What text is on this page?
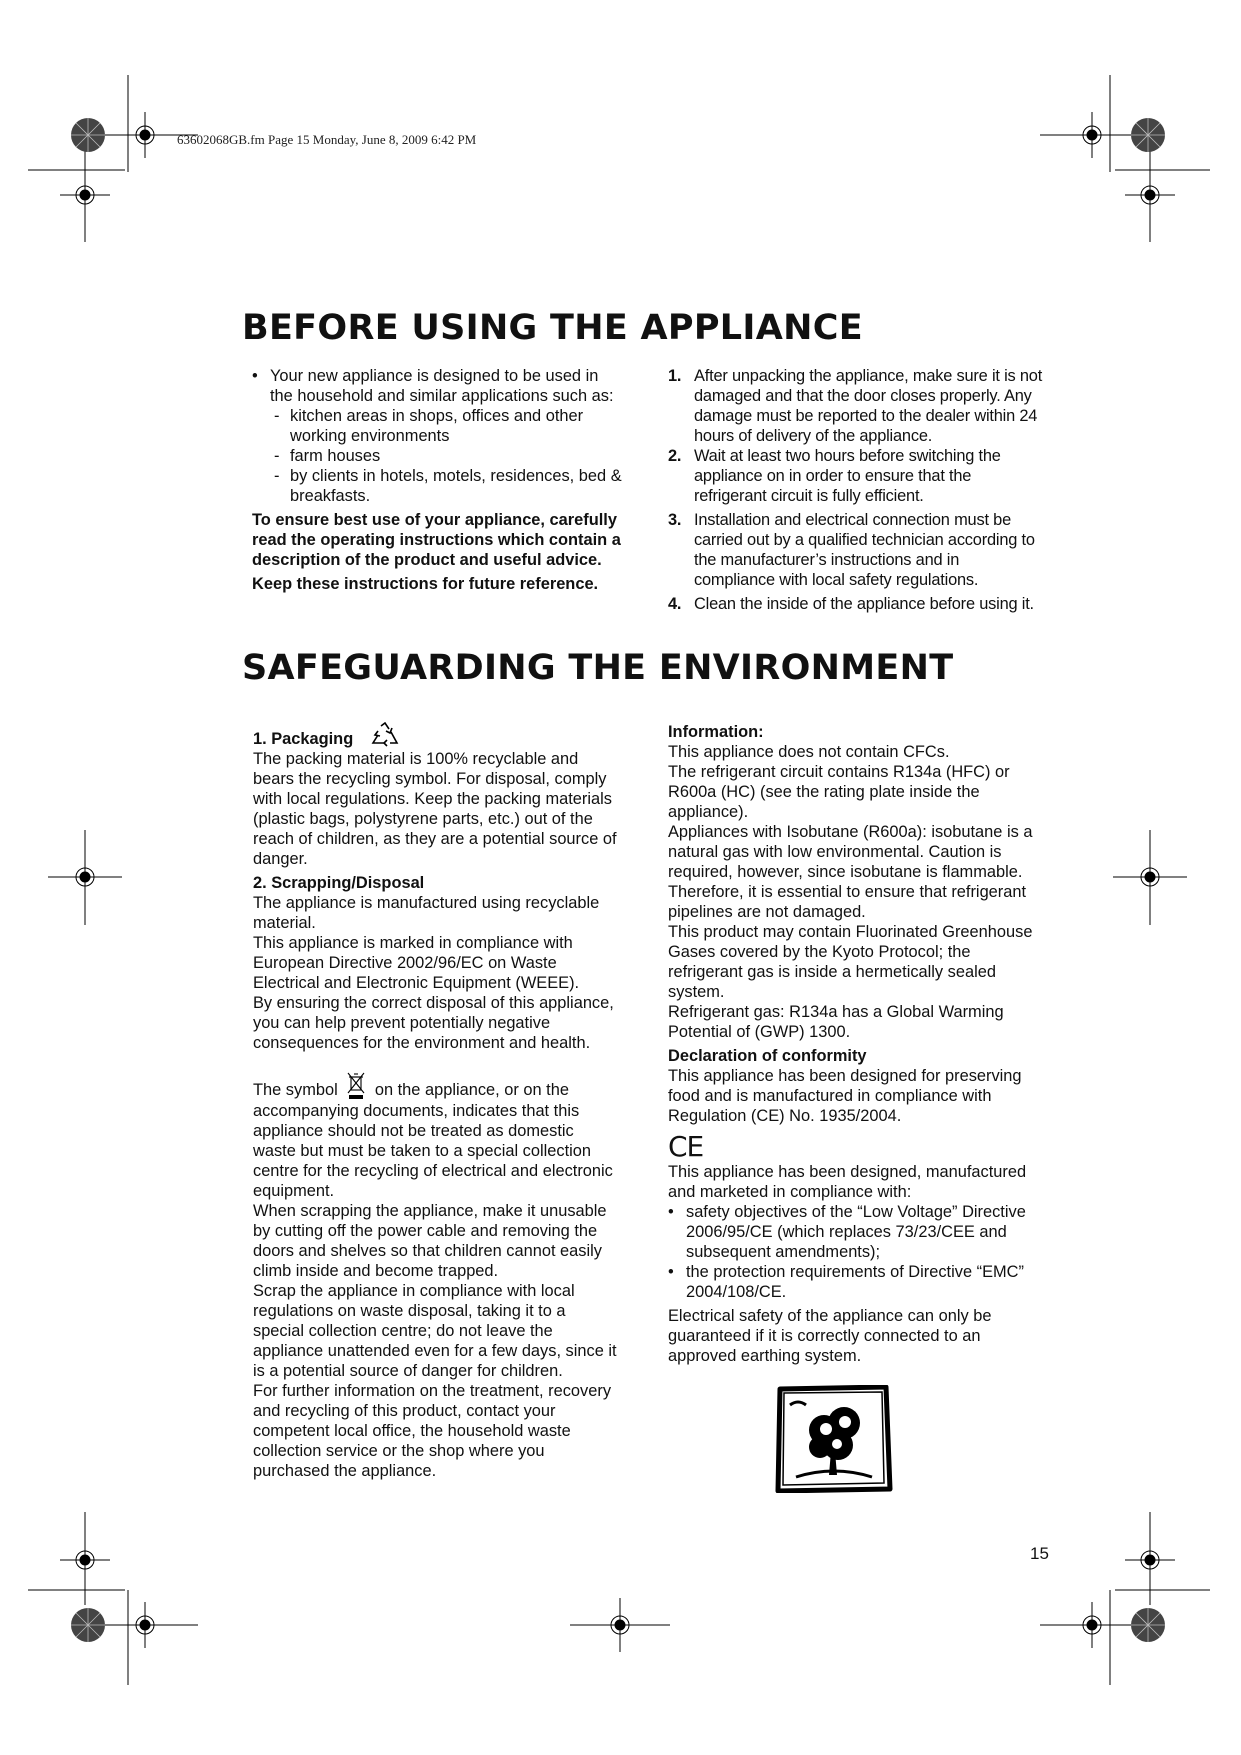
63602068GB.fm Page 15 Monday, June 8, 2009 6:42 PM
BEFORE USING THE APPLIANCE

• Your new appliance is designed to be used in the household and similar applications such as:

- kitchen areas in shops, offices and other working environments

- farm houses

- by clients in hotels, motels, residences, bed & breakfasts.

To ensure best use of your appliance, carefully read the operating instructions which contain a description of the product and useful advice.

Keep these instructions for future reference.

1. After unpacking the appliance, make sure it is not damaged and that the door closes properly. Any damage must be reported to the dealer within 24 hours of delivery of the appliance.

2. Wait at least two hours before switching the appliance on in order to ensure that the refrigerant circuit is fully efficient.

3. Installation and electrical connection must be carried out by a qualified technician according to the manufacturer’s instructions and in compliance with local safety regulations.

4. Clean the inside of the appliance before using it.

SAFEGUARDING THE ENVIRONMENT

1. Packaging

The packing material is 100% recyclable and bears the recycling symbol. For disposal, comply with local regulations. Keep the packing materials (plastic bags, polystyrene parts, etc.) out of the reach of children, as they are a potential source of danger.

2. Scrapping/Disposal

The appliance is manufactured using recyclable material.

This appliance is marked in compliance with European Directive 2002/96/EC on Waste Electrical and Electronic Equipment (WEEE).

By ensuring the correct disposal of this appliance, you can help prevent potentially negative consequences for the environment and health.

The symbol on the appliance, or on the accompanying documents, indicates that this appliance should not be treated as domestic waste but must be taken to a special collection centre for the recycling of electrical and electronic equipment.

When scrapping the appliance, make it unusable by cutting off the power cable and removing the doors and shelves so that children cannot easily climb inside and become trapped.

Scrap the appliance in compliance with local regulations on waste disposal, taking it to a special collection centre; do not leave the appliance unattended even for a few days, since it is a potential source of danger for children.

For further information on the treatment, recovery and recycling of this product, contact your competent local office, the household waste collection service or the shop where you purchased the appliance.

Information:

This appliance does not contain CFCs.

The refrigerant circuit contains R134a (HFC) or R600a (HC) (see the rating plate inside the appliance).

Appliances with Isobutane (R600a): isobutane is a natural gas with low environmental. Caution is required, however, since isobutane is flammable. Therefore, it is essential to ensure that refrigerant pipelines are not damaged.

This product may contain Fluorinated Greenhouse Gases covered by the Kyoto Protocol; the refrigerant gas is inside a hermetically sealed system.

Refrigerant gas: R134a has a Global Warming Potential of (GWP) 1300.

Declaration of conformity

This appliance has been designed for preserving food and is manufactured in compliance with Regulation (CE) No. 1935/2004.

CE

This appliance has been designed, manufactured and marketed in compliance with:

• safety objectives of the “Low Voltage” Directive 2006/95/CE (which replaces 73/23/CEE and subsequent amendments);

• the protection requirements of Directive “EMC” 2004/108/CE.

Electrical safety of the appliance can only be guaranteed if it is correctly connected to an approved earthing system.

15
